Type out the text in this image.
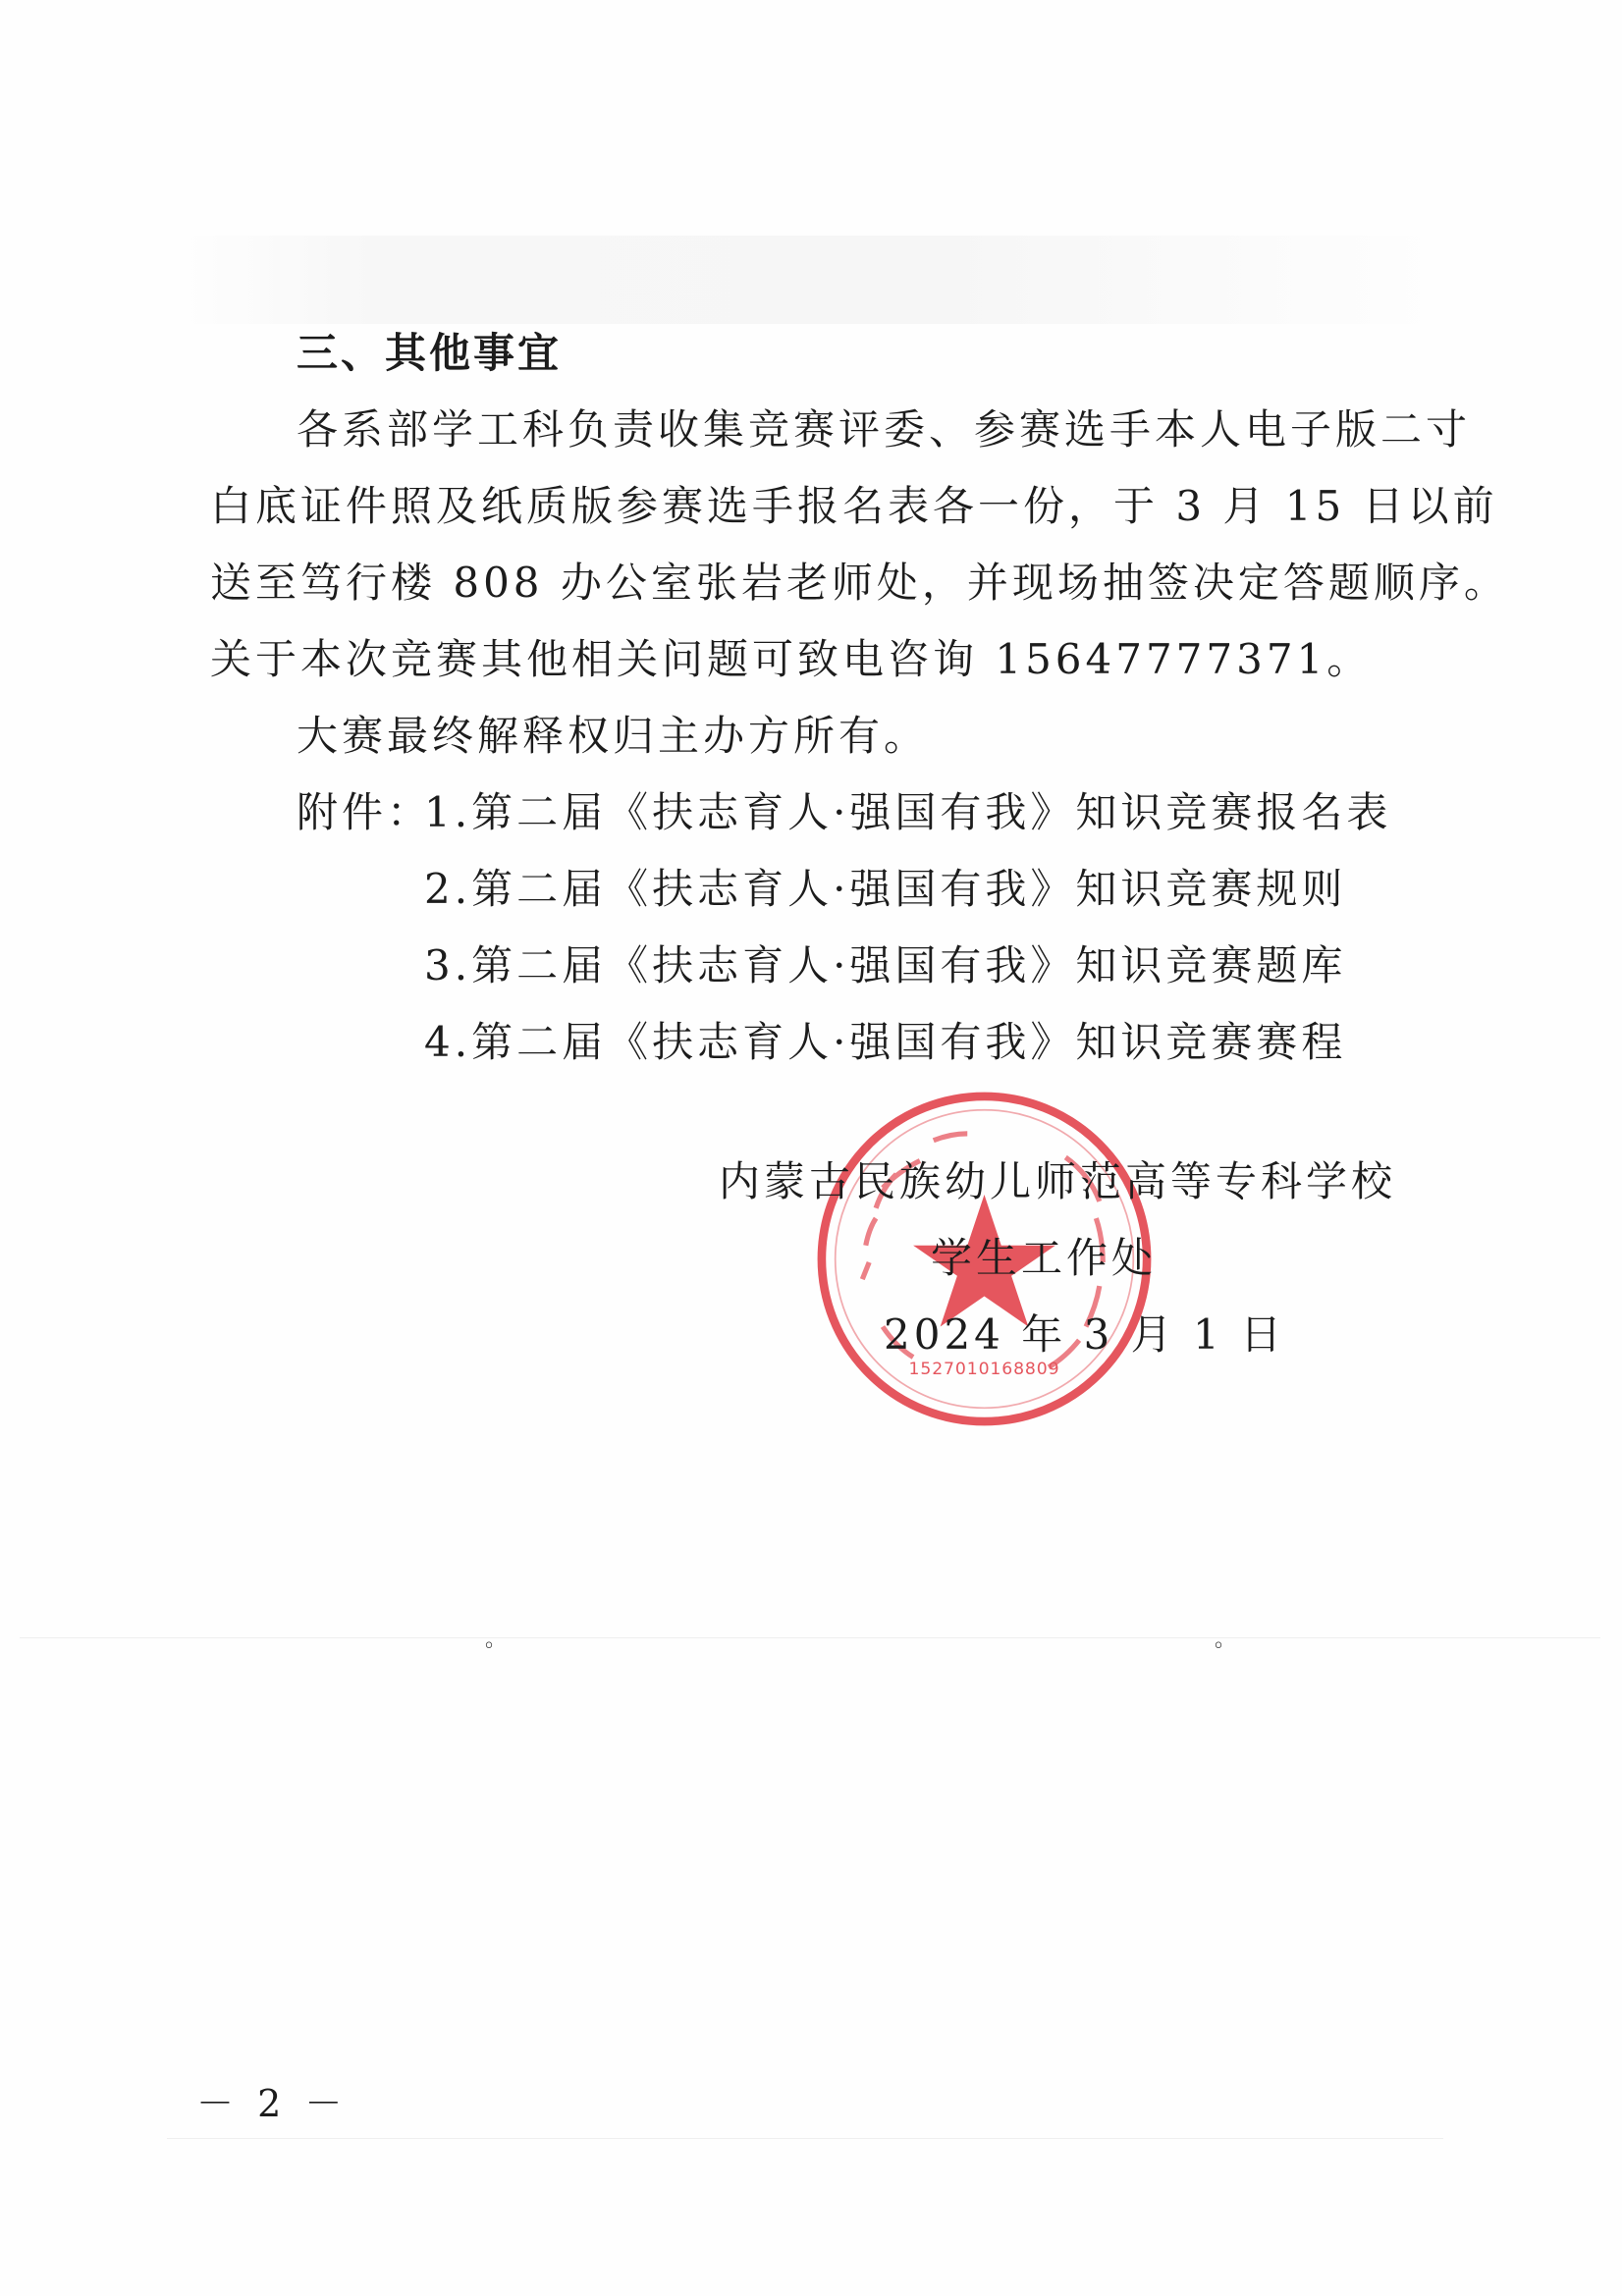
三、其他事宜
各系部学工科负责收集竞赛评委、参赛选手本人电子版二寸
白底证件照及纸质版参赛选手报名表各一份，于 3 月 15 日以前
送至笃行楼 808 办公室张岩老师处，并现场抽签决定答题顺序。
关于本次竞赛其他相关问题可致电咨询 15647777371。
大赛最终解释权归主办方所有。
附件：
1.第二届《扶志育人·强国有我》知识竞赛报名表
2.第二届《扶志育人·强国有我》知识竞赛规则
3.第二届《扶志育人·强国有我》知识竞赛题库
4.第二届《扶志育人·强国有我》知识竞赛赛程
1527010168809
内蒙古民族幼儿师范高等专科学校
学生工作处
2024 年 3 月 1 日
。	。
－ 2 －
